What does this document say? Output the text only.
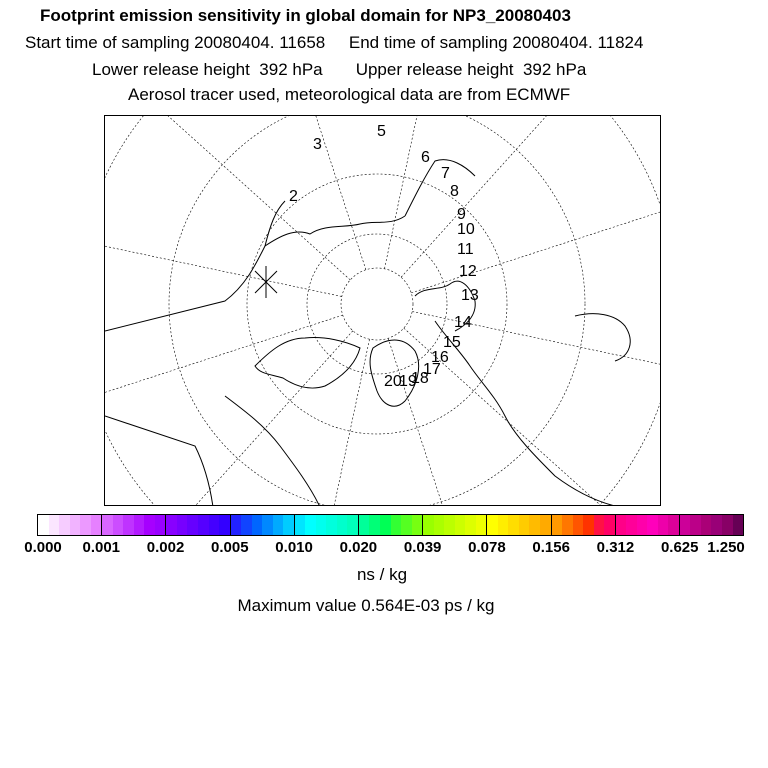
Footprint emission sensitivity in global domain for NP3_20080403
Start time of sampling 20080404. 11658 End time of sampling 20080404. 11824
Lower release height 392 hPa Upper release height 392 hPa
Aerosol tracer used, meteorological data are from ECMWF
2
3
5
6
7
8
9
10
11
12
13
14
15
16
17
18
19
20
0.000 0.001 0.002 0.005 0.010 0.020 0.039 0.078 0.156 0.312 0.625 1.250
ns / kg
Maximum value 0.564E-03 ps / kg
